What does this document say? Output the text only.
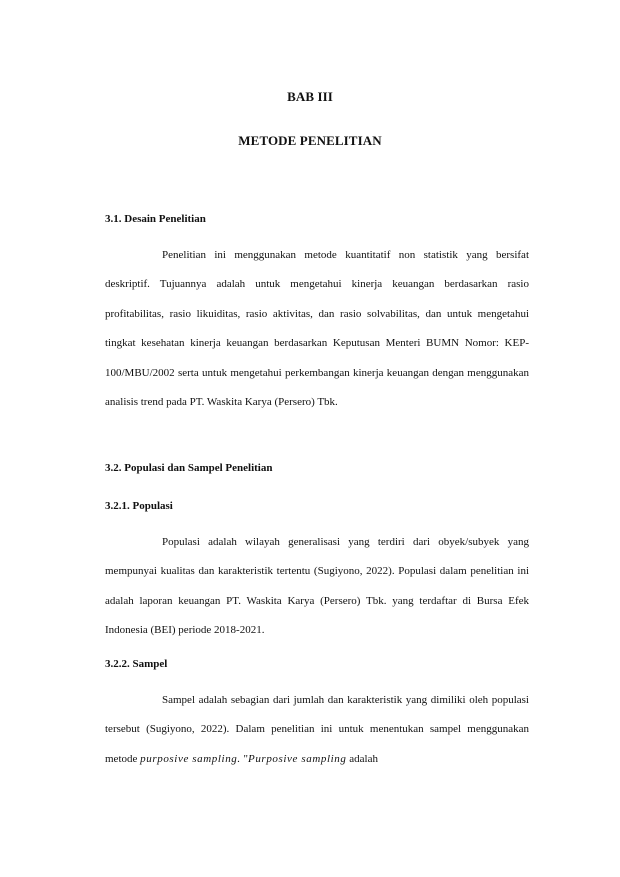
BAB III
METODE PENELITIAN
3.1. Desain Penelitian

Penelitian ini menggunakan metode kuantitatif non statistik yang bersifat deskriptif. Tujuannya adalah untuk mengetahui kinerja keuangan berdasarkan rasio profitabilitas, rasio likuiditas, rasio aktivitas, dan rasio solvabilitas, dan untuk mengetahui tingkat kesehatan kinerja keuangan berdasarkan Keputusan Menteri BUMN Nomor: KEP-100/MBU/2002 serta untuk mengetahui perkembangan kinerja keuangan dengan menggunakan analisis trend pada PT. Waskita Karya (Persero) Tbk.

3.2. Populasi dan Sampel Penelitian
3.2.1. Populasi

Populasi adalah wilayah generalisasi yang terdiri dari obyek/subyek yang mempunyai kualitas dan karakteristik tertentu (Sugiyono, 2022). Populasi dalam penelitian ini adalah laporan keuangan PT. Waskita Karya (Persero) Tbk. yang terdaftar di Bursa Efek Indonesia (BEI) periode 2018-2021.

3.2.2. Sampel

Sampel adalah sebagian dari jumlah dan karakteristik yang dimiliki oleh populasi tersebut (Sugiyono, 2022). Dalam penelitian ini untuk menentukan sampel menggunakan metode purposive sampling. "Purposive sampling adalah
